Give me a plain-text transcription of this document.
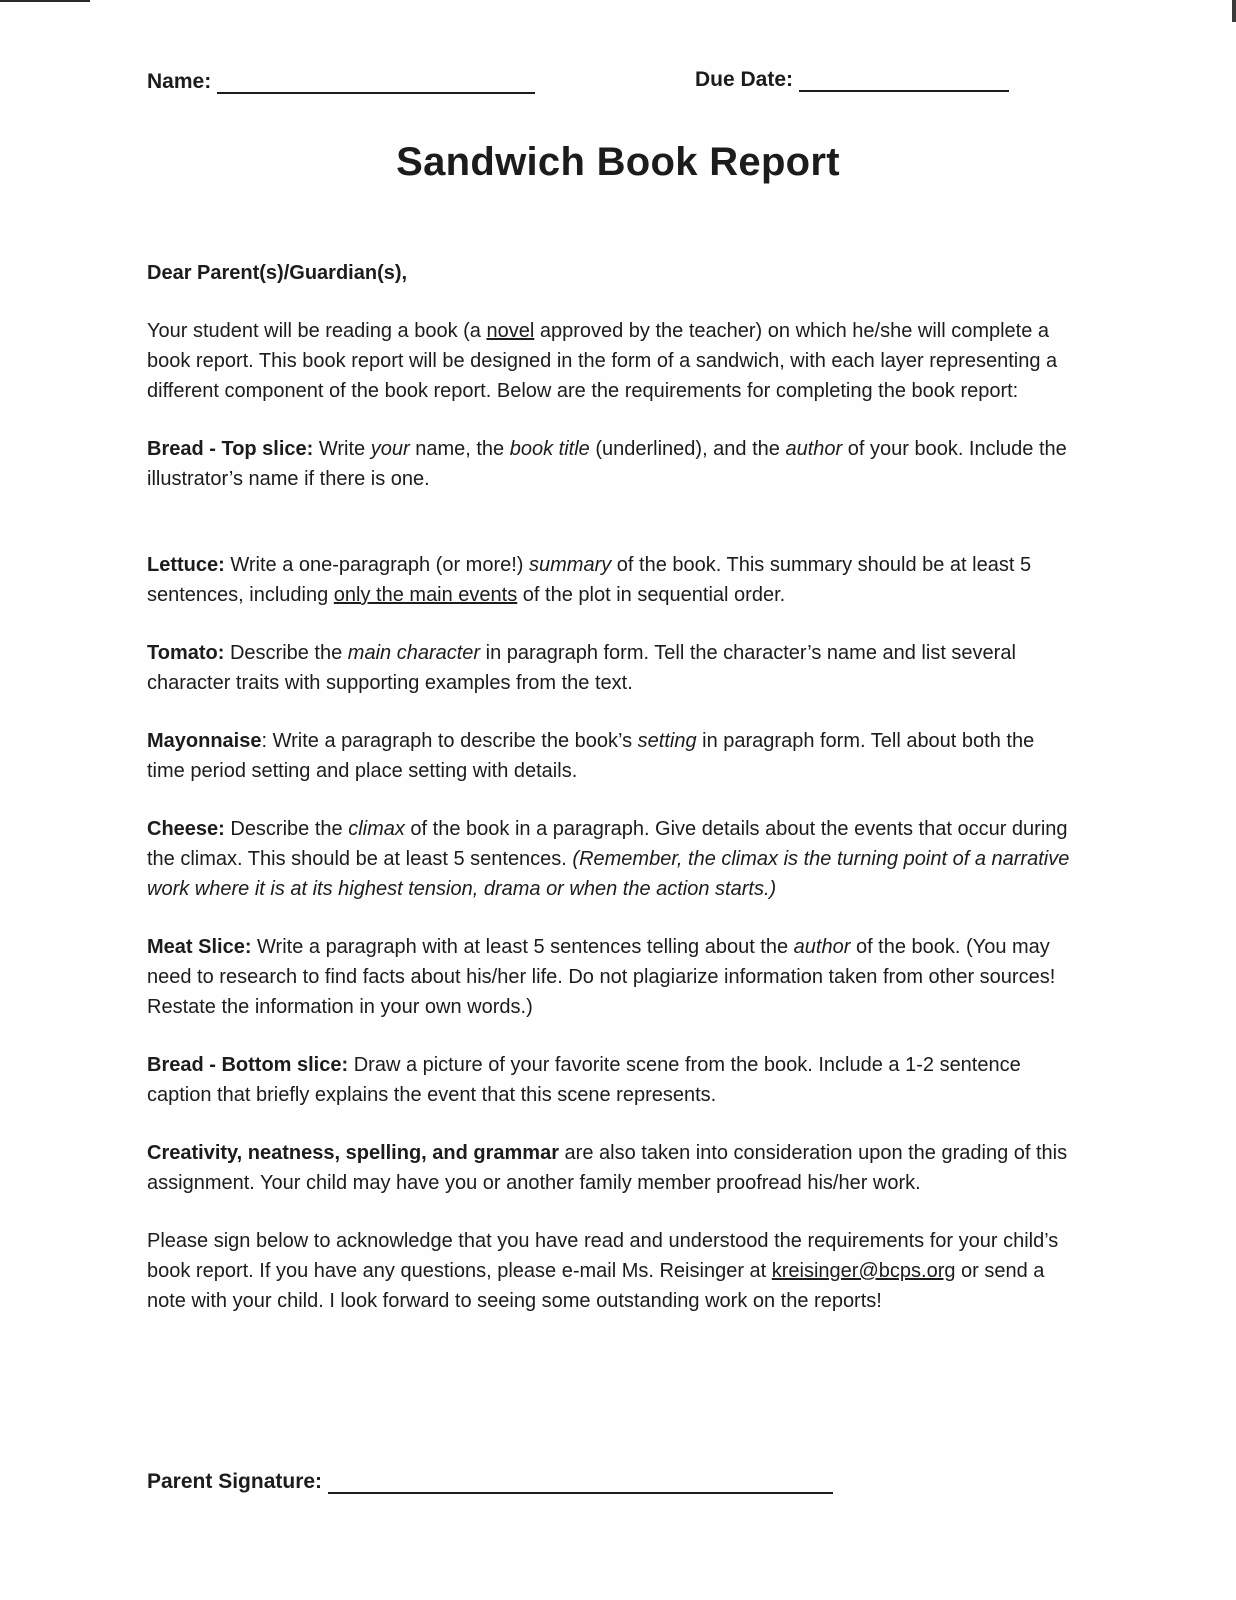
Name:	Due Date:
Sandwich Book Report

Dear Parent(s)/Guardian(s),

Your student will be reading a book (a novel approved by the teacher) on which he/she will complete a book report. This book report will be designed in the form of a sandwich, with each layer representing a different component of the book report. Below are the requirements for completing the book report:

Bread - Top slice: Write your name, the book title (underlined), and the author of your book. Include the illustrator’s name if there is one.

Lettuce: Write a one-paragraph (or more!) summary of the book. This summary should be at least 5 sentences, including only the main events of the plot in sequential order.

Tomato: Describe the main character in paragraph form. Tell the character’s name and list several character traits with supporting examples from the text.

Mayonnaise: Write a paragraph to describe the book’s setting in paragraph form. Tell about both the time period setting and place setting with details.

Cheese: Describe the climax of the book in a paragraph. Give details about the events that occur during the climax. This should be at least 5 sentences. (Remember, the climax is the turning point of a narrative work where it is at its highest tension, drama or when the action starts.)

Meat Slice: Write a paragraph with at least 5 sentences telling about the author of the book. (You may need to research to find facts about his/her life. Do not plagiarize information taken from other sources! Restate the information in your own words.)

Bread - Bottom slice: Draw a picture of your favorite scene from the book. Include a 1-2 sentence caption that briefly explains the event that this scene represents.

Creativity, neatness, spelling, and grammar are also taken into consideration upon the grading of this assignment. Your child may have you or another family member proofread his/her work.

Please sign below to acknowledge that you have read and understood the requirements for your child’s book report. If you have any questions, please e-mail Ms. Reisinger at kreisinger@bcps.org or send a note with your child. I look forward to seeing some outstanding work on the reports!

Parent Signature:
